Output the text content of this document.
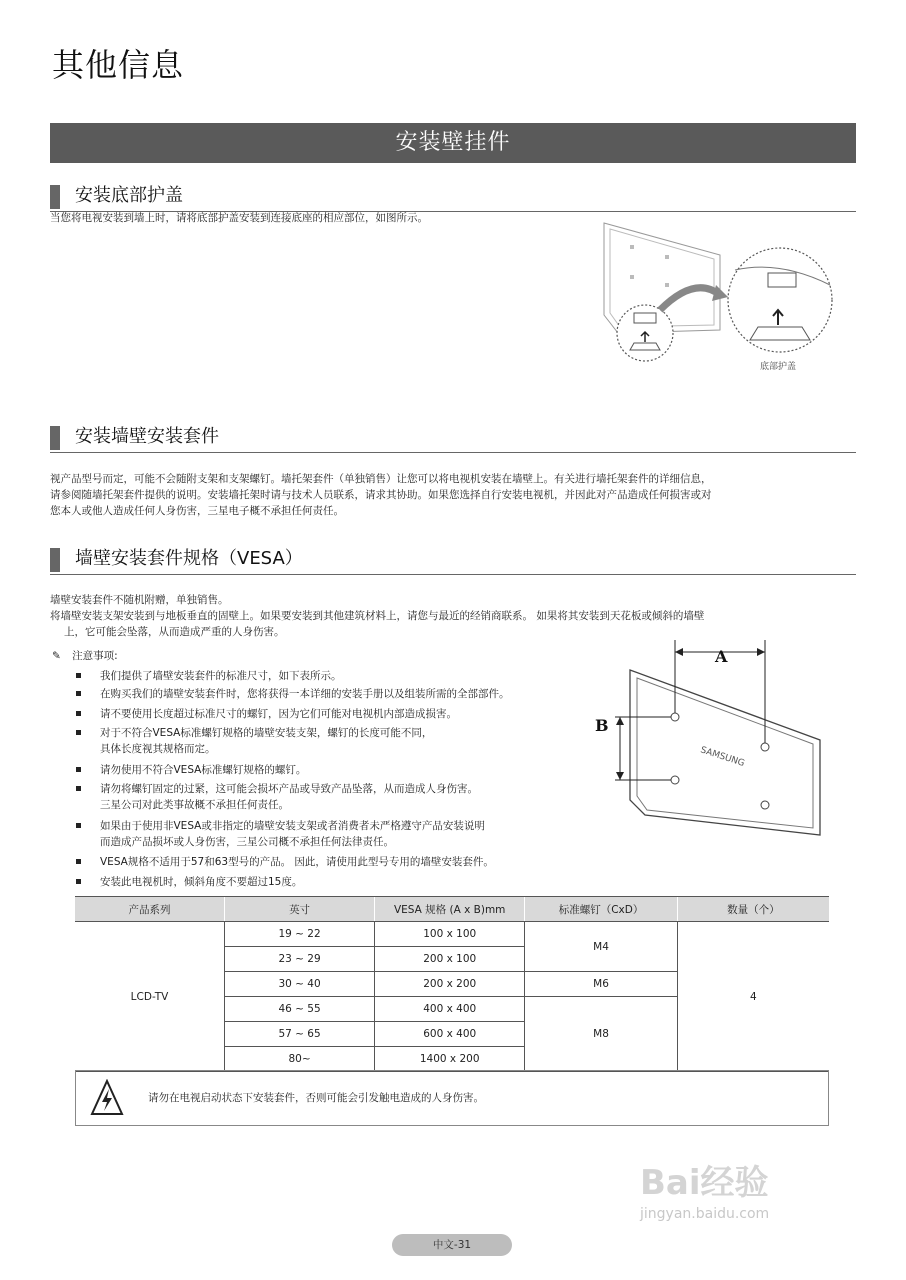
其他信息
安装壁挂件
安装底部护盖
当您将电视安装到墙上时，请将底部护盖安装到连接底座的相应部位，如图所示。
底部护盖
安装墙壁安装套件
视产品型号而定，可能不会随附支架和支架螺钉。墙托架套件（单独销售）让您可以将电视机安装在墙壁上。有关进行墙托架套件的详细信息，
请参阅随墙托架套件提供的说明。安装墙托架时请与技术人员联系，请求其协助。如果您选择自行安装电视机，并因此对产品造成任何损害或对
您本人或他人造成任何人身伤害，三星电子概不承担任何责任。
墙壁安装套件规格（VESA）
墙壁安装套件不随机附赠，单独销售。
将墙壁安装支架安装到与地板垂直的固壁上。如果要安装到其他建筑材料上，请您与最近的经销商联系。 如果将其安装到天花板或倾斜的墙壁
上，它可能会坠落，从而造成严重的人身伤害。
✎ 注意事项:
我们提供了墙壁安装套件的标准尺寸，如下表所示。
在购买我们的墙壁安装套件时，您将获得一本详细的安装手册以及组装所需的全部部件。
请不要使用长度超过标准尺寸的螺钉，因为它们可能对电视机内部造成损害。
对于不符合VESA标准螺钉规格的墙壁安装支架，螺钉的长度可能不同，
具体长度视其规格而定。
请勿使用不符合VESA标准螺钉规格的螺钉。
请勿将螺钉固定的过紧，这可能会损坏产品或导致产品坠落，从而造成人身伤害。
三星公司对此类事故概不承担任何责任。
如果由于使用非VESA或非指定的墙壁安装支架或者消费者未严格遵守产品安装说明
而造成产品损坏或人身伤害，三星公司概不承担任何法律责任。
VESA规格不适用于57和63型号的产品。 因此，请使用此型号专用的墙壁安装套件。
安装此电视机时，倾斜角度不要超过15度。
SAMSUNG
A
B
产品系列	英寸	VESA 规格 (A x B)mm	标准螺钉（CxD）	数量（个）
LCD-TV	19 ~ 22	100 x 100	M4	4
	23 ~ 29	200 x 100		
	30 ~ 40	200 x 200	M6	
	46 ~ 55	400 x 400	M8	
	57 ~ 65	600 x 400		
	80~	1400 x 200		
请勿在电视启动状态下安装套件，否则可能会引发触电造成的人身伤害。
Bai经验
jingyan.baidu.com
中文-31
